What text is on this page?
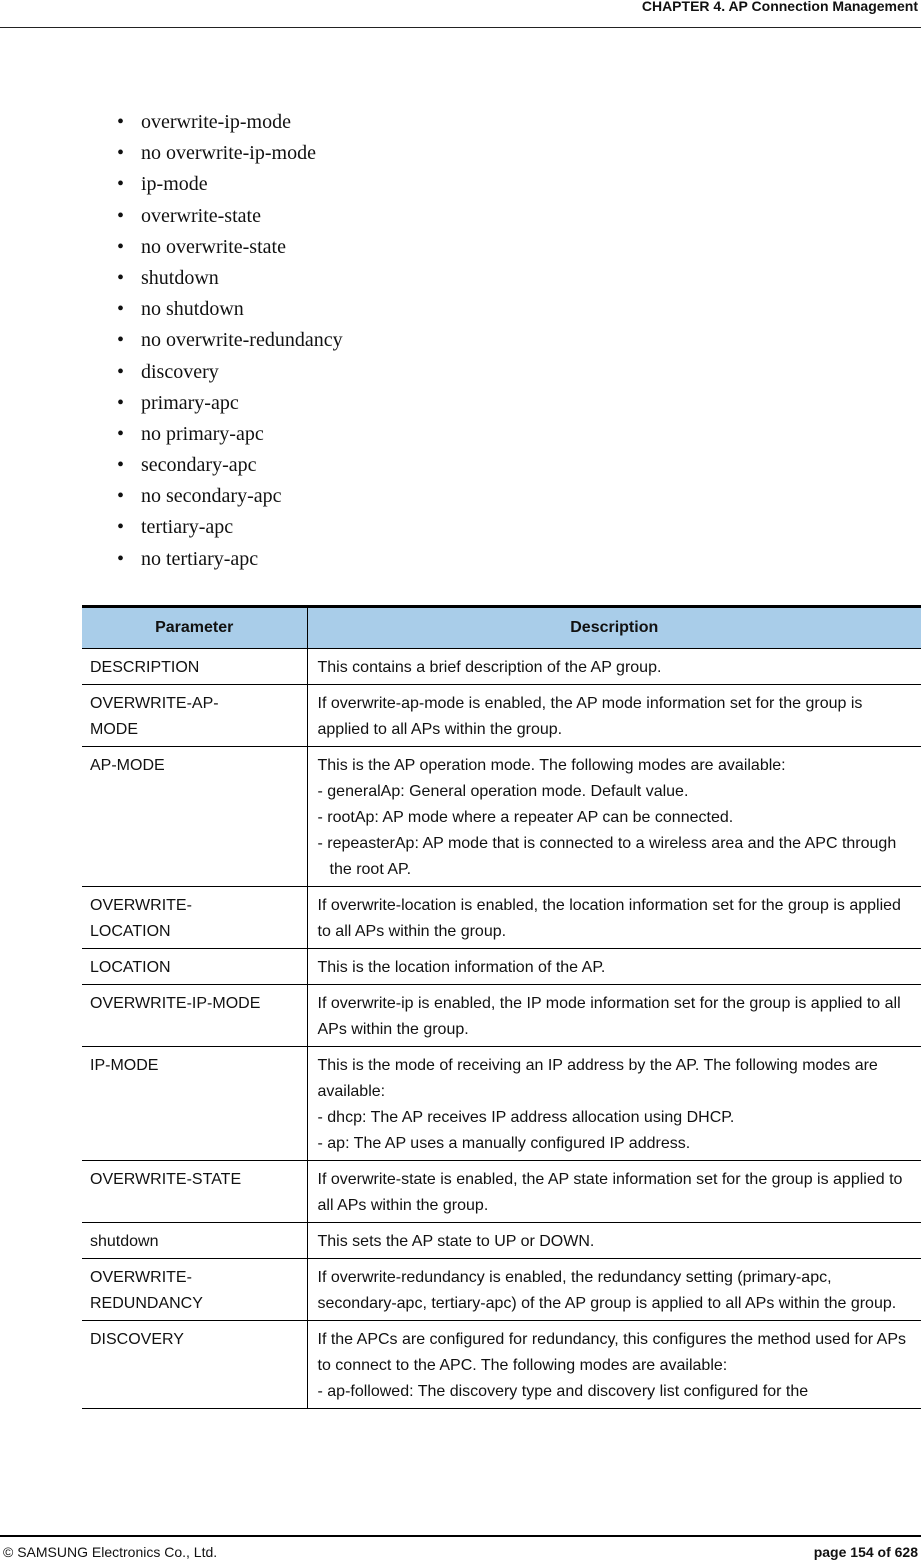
CHAPTER 4. AP Connection Management
• overwrite-ip-mode
• no overwrite-ip-mode
• ip-mode
• overwrite-state
• no overwrite-state
• shutdown
• no shutdown
• no overwrite-redundancy
• discovery
• primary-apc
• no primary-apc
• secondary-apc
• no secondary-apc
• tertiary-apc
• no tertiary-apc
Parameter	Description
DESCRIPTION	This contains a brief description of the AP group.
OVERWRITE-AP-MODE	If overwrite-ap-mode is enabled, the AP mode information set for the group is applied to all APs within the group.
AP-MODE	This is the AP operation mode. The following modes are available:
- generalAp: General operation mode. Default value.
- rootAp: AP mode where a repeater AP can be connected.
- repeasterAp: AP mode that is connected to a wireless area and the APC through the root AP.

OVERWRITE-LOCATION	If overwrite-location is enabled, the location information set for the group is applied to all APs within the group.
LOCATION	This is the location information of the AP.
OVERWRITE-IP-MODE	If overwrite-ip is enabled, the IP mode information set for the group is applied to all APs within the group.
IP-MODE	This is the mode of receiving an IP address by the AP. The following modes are available:
- dhcp: The AP receives IP address allocation using DHCP.
- ap: The AP uses a manually configured IP address.

OVERWRITE-STATE	If overwrite-state is enabled, the AP state information set for the group is applied to all APs within the group.
shutdown	This sets the AP state to UP or DOWN.
OVERWRITE-REDUNDANCY	If overwrite-redundancy is enabled, the redundancy setting (primary-apc, secondary-apc, tertiary-apc) of the AP group is applied to all APs within the group.
DISCOVERY	If the APCs are configured for redundancy, this configures the method used for APs to connect to the APC. The following modes are available:
- ap-followed: The discovery type and discovery list configured for the
© SAMSUNG Electronics Co., Ltd.	page 154 of 628
